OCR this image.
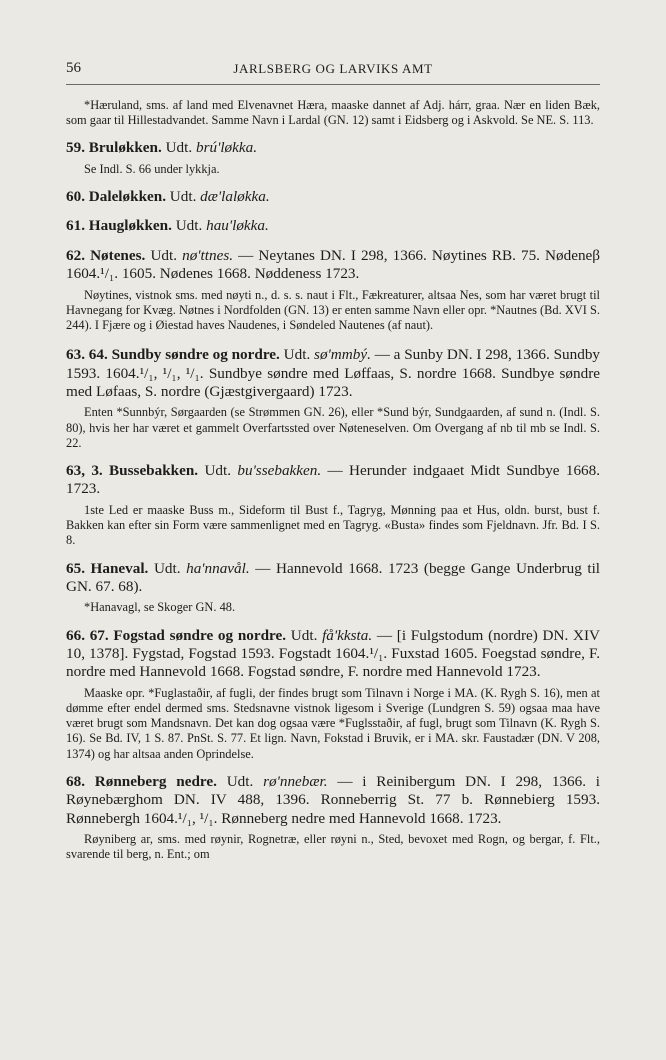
56	JARLSBERG OG LARVIKS AMT

*Hæruland, sms. af land med Elvenavnet Hæra, maaske dannet af Adj. hárr, graa. Nær en liden Bæk, som gaar til Hillestadvandet. Samme Navn i Lardal (GN. 12) samt i Eidsberg og i Askvold. Se NE. S. 113.

59. Bruløkken. Udt. brú'løkka.

Se Indl. S. 66 under lykkja.

60. Daleløkken. Udt. dæ'laløkka.

61. Haugløkken. Udt. hau'løkka.

62. Nøtenes. Udt. nø'ttnes. — Neytanes DN. I 298, 1366. Nøytines RB. 75. Nødeneβ 1604.¹/₁. 1605. Nødenes 1668. Nøddeness 1723.

Nøytines, vistnok sms. med nøyti n., d. s. s. naut i Flt., Fækreaturer, altsaa Nes, som har været brugt til Havnegang for Kvæg. Nøtnes i Nordfolden (GN. 13) er enten samme Navn eller opr. *Nautnes (Bd. XVI S. 244). I Fjære og i Øiestad haves Naudenes, i Søndeled Nautenes (af naut).

63. 64. Sundby søndre og nordre. Udt. sø'mmbý. — a Sunby DN. I 298, 1366. Sundby 1593. 1604.¹/₁, ¹/₁, ¹/₁. Sundbye søndre med Løffaas, S. nordre 1668. Sundbye søndre med Løfaas, S. nordre (Gjæstgivergaard) 1723.

Enten *Sunnbýr, Sørgaarden (se Strømmen GN. 26), eller *Sund býr, Sundgaarden, af sund n. (Indl. S. 80), hvis her har været et gammelt Overfartssted over Nøteneselven. Om Overgang af nb til mb se Indl. S. 22.

63, 3. Bussebakken. Udt. bu'ssebakken. — Herunder indgaaet Midt Sundbye 1668. 1723.

1ste Led er maaske Buss m., Sideform til Bust f., Tagryg, Mønning paa et Hus, oldn. burst, bust f. Bakken kan efter sin Form være sammenlignet med en Tagryg. «Busta» findes som Fjeldnavn. Jfr. Bd. I S. 8.

65. Haneval. Udt. ha'nnavål. — Hannevold 1668. 1723 (begge Gange Underbrug til GN. 67. 68).

*Hanavagl, se Skoger GN. 48.

66. 67. Fogstad søndre og nordre. Udt. få'kksta. — [i Fulgstodum (nordre) DN. XIV 10, 1378]. Fygstad, Fogstad 1593. Fogstadt 1604.¹/₁. Fuxstad 1605. Foegstad søndre, F. nordre med Hannevold 1668. Fogstad søndre, F. nordre med Hannevold 1723.

Maaske opr. *Fuglastaðir, af fugli, der findes brugt som Tilnavn i Norge i MA. (K. Rygh S. 16), men at dømme efter endel dermed sms. Stedsnavne vistnok ligesom i Sverige (Lundgren S. 59) ogsaa maa have været brugt som Mandsnavn. Det kan dog ogsaa være *Fuglsstaðir, af fugl, brugt som Tilnavn (K. Rygh S. 16). Se Bd. IV, 1 S. 87. PnSt. S. 77. Et lign. Navn, Fokstad i Bruvik, er i MA. skr. Faustadær (DN. V 208, 1374) og har altsaa anden Oprindelse.

68. Rønneberg nedre. Udt. rø'nnebær. — i Reinibergum DN. I 298, 1366. i Røynebærghom DN. IV 488, 1396. Ronneberrig St. 77 b. Rønnebierg 1593. Rønnebergh 1604.¹/₁, ¹/₁. Rønneberg nedre med Hannevold 1668. 1723.

Røyniberg ar, sms. med røynir, Rognetræ, eller røyni n., Sted, bevoxet med Rogn, og bergar, f. Flt., svarende til berg, n. Ent.; om
